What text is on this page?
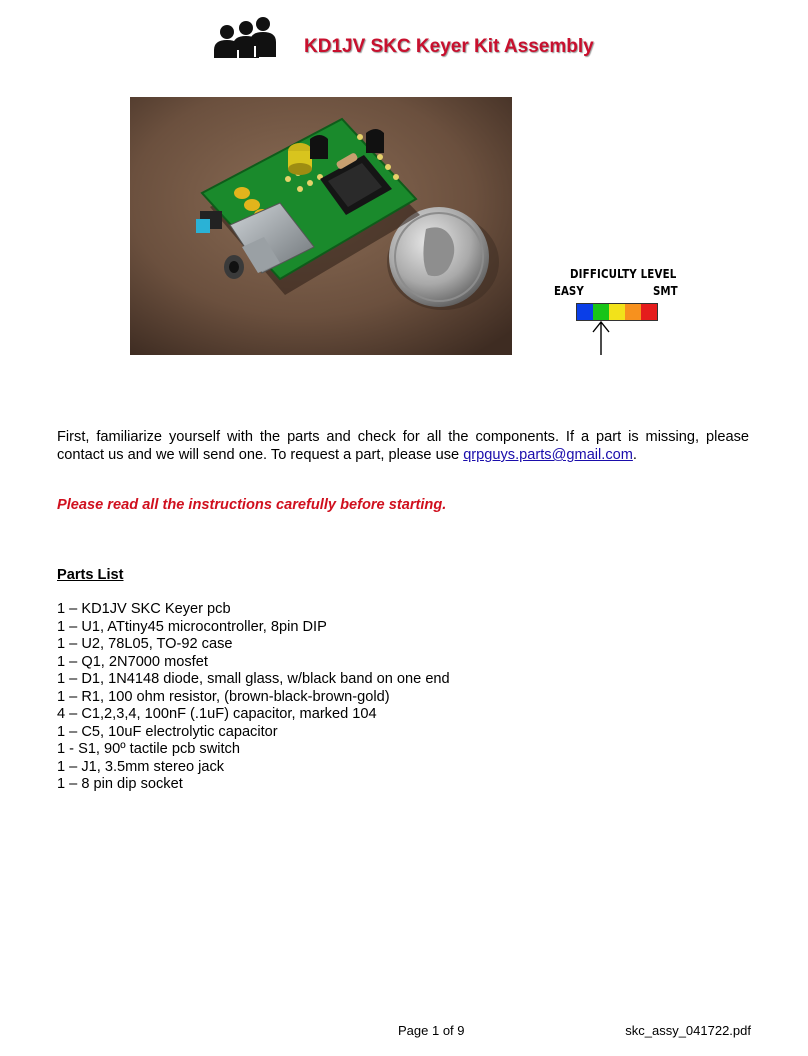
KD1JV SKC Keyer Kit Assembly
DIFFICULTY LEVEL
EASY	SMT
First, familiarize yourself with the parts and check for all the components. If a part is missing, please contact us and we will send one. To request a part, please use qrpguys.parts@gmail.com.
Please read all the instructions carefully before starting.
Parts List
1 – KD1JV SKC Keyer pcb
1 – U1, ATtiny45 microcontroller, 8pin DIP
1 – U2, 78L05, TO-92 case
1 – Q1, 2N7000 mosfet
1 – D1, 1N4148 diode, small glass, w/black band on one end
1 – R1, 100 ohm resistor, (brown-black-brown-gold)
4 – C1,2,3,4, 100nF (.1uF) capacitor, marked 104
1 – C5, 10uF electrolytic capacitor
1 - S1, 90º tactile pcb switch
1 – J1, 3.5mm stereo jack
1 – 8 pin dip socket
Page 1 of 9	skc_assy_041722.pdf
